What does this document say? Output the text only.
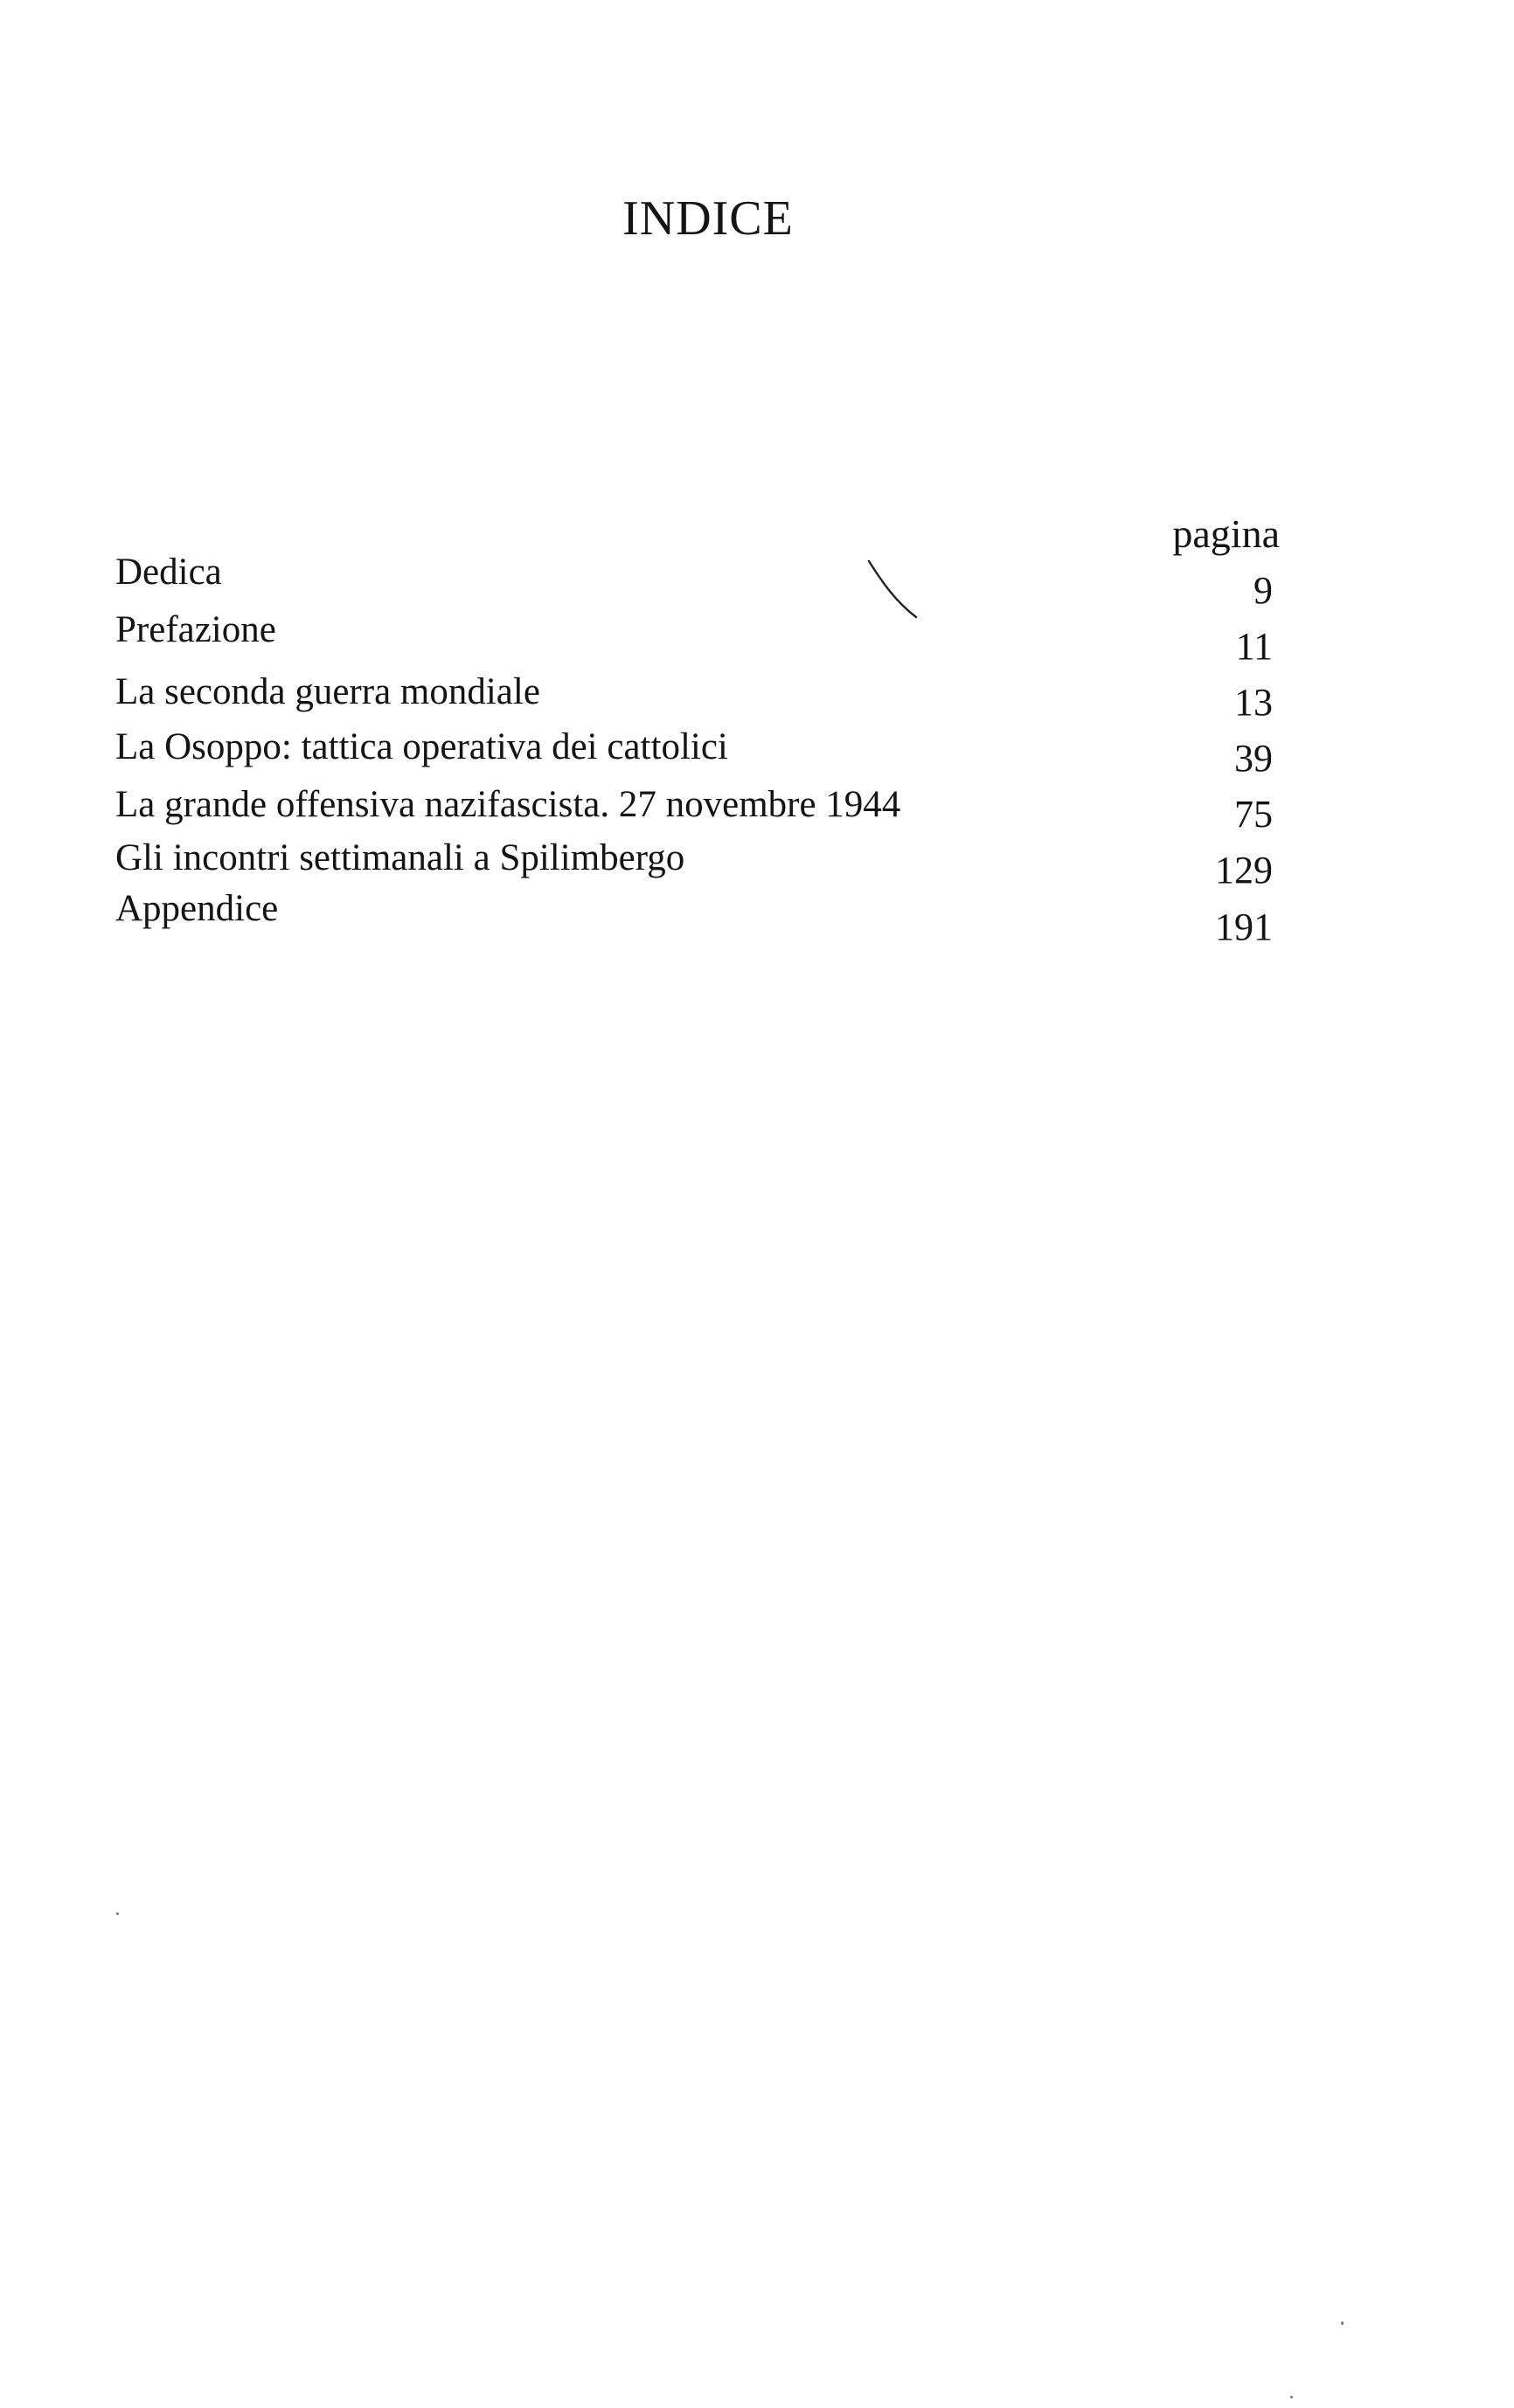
INDICE
pagina
Dedica
Prefazione
La seconda guerra mondiale
La Osoppo: tattica operativa dei cattolici
La grande offensiva nazifascista. 27 novembre 1944
Gli incontri settimanali a Spilimbergo
Appendice
9
11
13
39
75
129
191
